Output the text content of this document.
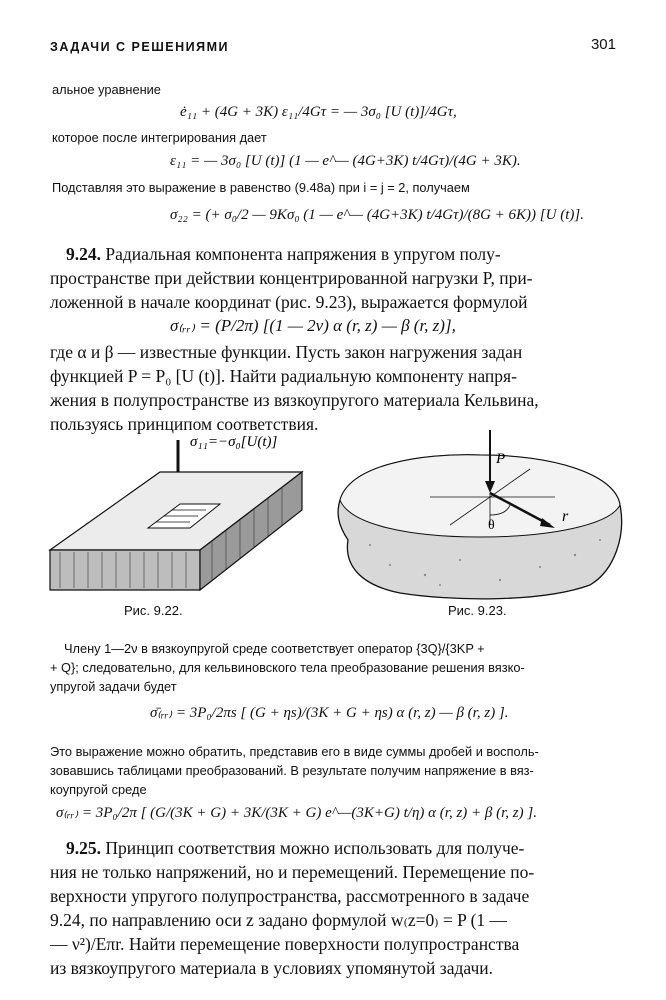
ЗАДАЧИ С РЕШЕНИЯМИ	301
альное уравнение
ė₁₁ + (4G + 3K) ε₁₁/4Gτ = — 3σ₀ [U (t)]/4Gτ,
которое после интегрирования дает
ε₁₁ = — 3σ₀ [U (t)] (1 — e^— (4G+3K) t/4Gτ)/(4G + 3K).
Подставляя это выражение в равенство (9.48а) при i = j = 2, получаем
σ₂₂ = (+ σ₀/2 — 9Kσ₀ (1 — e^— (4G+3K) t/4Gτ)/(8G + 6K)) [U (t)].
9.24. Радиальная компонента напряжения в упругом полу-
пространстве при действии концентрированной нагрузки P, при-
ложенной в начале координат (рис. 9.23), выражается формулой
σ₍ᵣᵣ₎ = (P/2π) [(1 — 2ν) α (r, z) — β (r, z)],
где α и β — известные функции. Пусть закон нагружения задан
функцией P = P₀ [U (t)]. Найти радиальную компоненту напря-
жения в полупространстве из вязкоупругого материала Кельвина,
пользуясь принципом соответствия.
σ₁₁=−σ₀[U(t)]
Рис. 9.22.
P
r
θ
Рис. 9.23.
Члену 1—2ν в вязкоупругой среде соответствует оператор {3Q}/{3KP +
+ Q}; следовательно, для кельвиновского тела преобразование решения вязко-
упругой задачи будет
σ̄₍ᵣᵣ₎ = 3P₀/2πs [ (G + ηs)/(3K + G + ηs) α (r, z) — β (r, z) ].
Это выражение можно обратить, представив его в виде суммы дробей и восполь-
зовавшись таблицами преобразований. В результате получим напряжение в вяз-
коупругой среде
σ₍ᵣᵣ₎ = 3P₀/2π [ (G/(3K + G) + 3K/(3K + G) e^—(3K+G) t/η) α (r, z) + β (r, z) ].
9.25. Принцип соответствия можно использовать для получе-
ния не только напряжений, но и перемещений. Перемещение по-
верхности упругого полупространства, рассмотренного в задаче
9.24, по направлению оси z задано формулой w₍z=0₎ = P (1 —
— ν²)/Eπr. Найти перемещение поверхности полупространства
из вязкоупругого материала в условиях упомянутой задачи.
